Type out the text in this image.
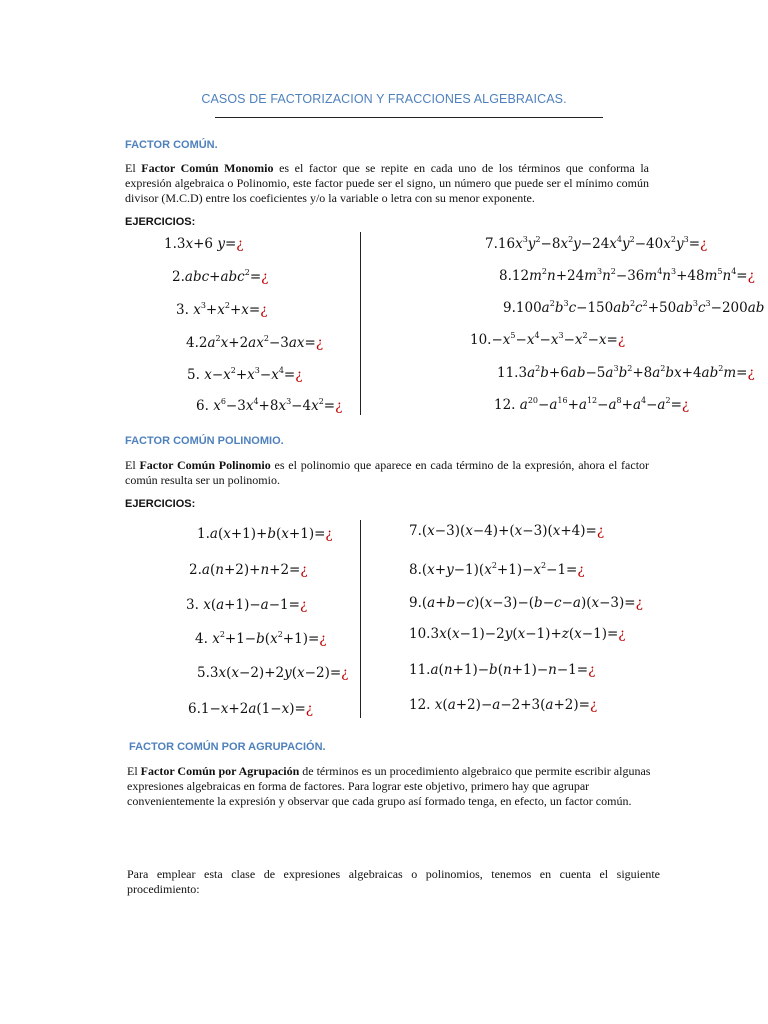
CASOS DE FACTORIZACION Y FRACCIONES ALGEBRAICAS.
FACTOR COMÚN.
El Factor Común Monomio es el factor que se repite en cada uno de los términos que conforma la expresión algebraica o Polinomio, este factor puede ser el signo, un número que puede ser el mínimo común divisor (M.C.D) entre los coeficientes y/o la variable o letra con su menor exponente.
EJERCICIOS:
1.3x+6 y=¿
2.abc+abc$^2$=¿
3. $x^3+x^2+x=¿$
$4.2a^2x+2ax^2-3ax=¿$
5. $x-x^2+x^3-x^4=¿$
6. $x^6-3x^4+8x^3-4x^2=¿$
$7.16x^3y^2-8x^2y-24x^4y^2-40x^2y^3=¿$
$8.12m^2n+24m^3n^2-36m^4n^3+48m^5n^4=¿$
$9.100a^2b^3c-150ab^2c^2+50ab^3c^3-200ab$
$10.-x^5-x^4-x^3-x^2-x=¿$
$11.3a^2b+6ab-5a^3b^2+8a^2bx+4ab^2m=¿$
12. $a^{20}-a^{16}+a^{12}-a^8+a^4-a^2=¿$
FACTOR COMÚN POLINOMIO.
El Factor Común Polinomio es el polinomio que aparece en cada término de la expresión, ahora el factor común resulta ser un polinomio.
EJERCICIOS:
1.a(x+1)+b(x+1)=¿
2.a(n+2)+n+2=¿
3. x(a+1)−a−1=¿
4. $x^2+1-b(x^2+1)=¿$
5.3x(x−2)+2y(x−2)=¿
6.1−x+2a(1−x)=¿
7.(x−3)(x−4)+(x−3)(x+4)=¿
$8.(x+y-1)(x^2+1)-x^2-1=¿$
9.(a+b−c)(x−3)−(b−c−a)(x−3)=¿
10.3x(x−1)−2y(x−1)+z(x−1)=¿
11.a(n+1)−b(n+1)−n−1=¿
12. x(a+2)−a−2+3(a+2)=¿
FACTOR COMÚN POR AGRUPACIÓN.
El Factor Común por Agrupación de términos es un procedimiento algebraico que permite escribir algunas expresiones algebraicas en forma de factores. Para lograr este objetivo, primero hay que agrupar convenientemente la expresión y observar que cada grupo así formado tenga, en efecto, un factor común.
Para emplear esta clase de expresiones algebraicas o polinomios, tenemos en cuenta el siguiente procedimiento:
